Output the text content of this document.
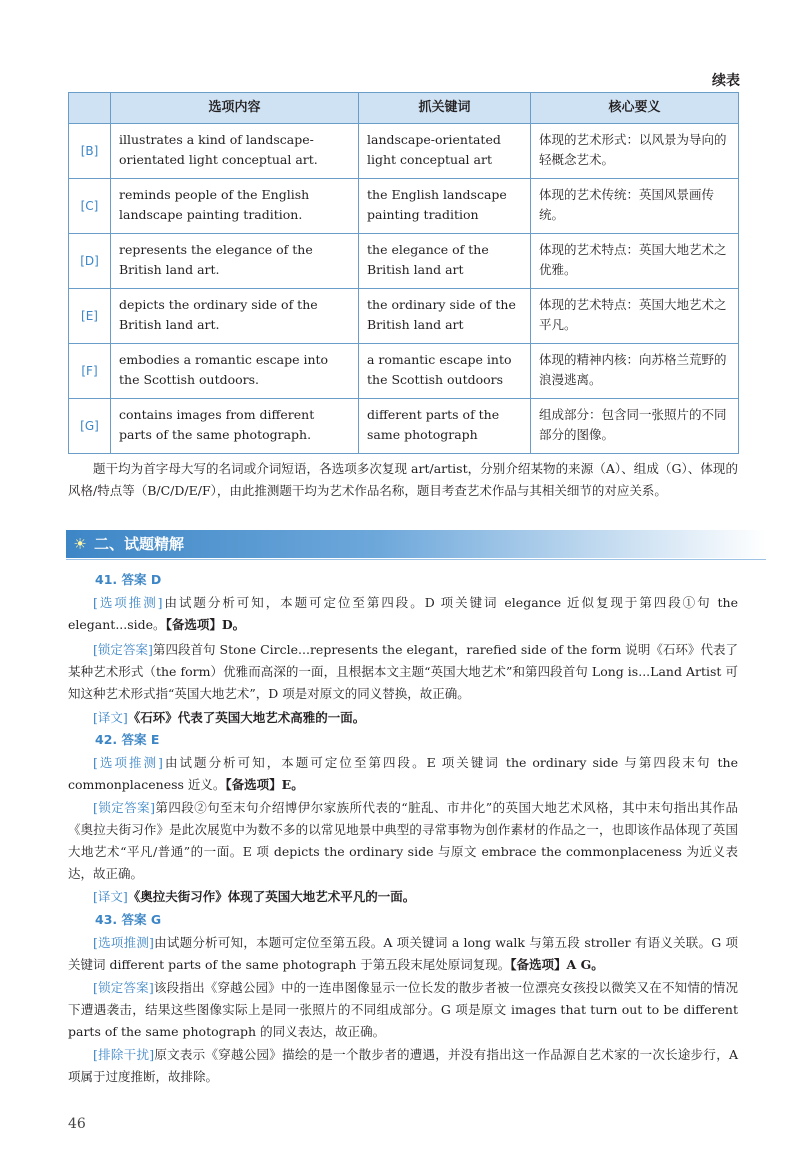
续表
	选项内容	抓关键词	核心要义
[B]	illustrates a kind of landscape-orientated light conceptual art.	landscape-orientated light conceptual art	体现的艺术形式：以风景为导向的轻概念艺术。
[C]	reminds people of the English landscape painting tradition.	the English landscape painting tradition	体现的艺术传统：英国风景画传统。
[D]	represents the elegance of the British land art.	the elegance of the British land art	体现的艺术特点：英国大地艺术之优雅。
[E]	depicts the ordinary side of the British land art.	the ordinary side of the British land art	体现的艺术特点：英国大地艺术之平凡。
[F]	embodies a romantic escape into the Scottish outdoors.	a romantic escape into the Scottish outdoors	体现的精神内核：向苏格兰荒野的浪漫逃离。
[G]	contains images from different parts of the same photograph.	different parts of the same photograph	组成部分：包含同一张照片的不同部分的图像。

题干均为首字母大写的名词或介词短语，各选项多次复现 art/artist，分别介绍某物的来源（A）、组成（G）、体现的风格/特点等（B/C/D/E/F），由此推测题干均为艺术作品名称，题目考查艺术作品与其相关细节的对应关系。

☀ 二、试题精解
41. 答案 D

[选项推测]由试题分析可知，本题可定位至第四段。D 项关键词 elegance 近似复现于第四段①句 the elegant...side。【备选项】D。

[锁定答案]第四段首句 Stone Circle...represents the elegant，rarefied side of the form 说明《石环》代表了某种艺术形式（the form）优雅而高深的一面，且根据本文主题“英国大地艺术”和第四段首句 Long is...Land Artist 可知这种艺术形式指“英国大地艺术”，D 项是对原文的同义替换，故正确。

[译文]《石环》代表了英国大地艺术高雅的一面。

42. 答案 E

[选项推测]由试题分析可知，本题可定位至第四段。E 项关键词 the ordinary side 与第四段末句 the commonplaceness 近义。【备选项】E。

[锁定答案]第四段②句至末句介绍博伊尔家族所代表的“脏乱、市井化”的英国大地艺术风格，其中末句指出其作品《奥拉夫街习作》是此次展览中为数不多的以常见地景中典型的寻常事物为创作素材的作品之一，也即该作品体现了英国大地艺术“平凡/普通”的一面。E 项 depicts the ordinary side 与原文 embrace the commonplaceness 为近义表达，故正确。

[译文]《奥拉夫街习作》体现了英国大地艺术平凡的一面。

43. 答案 G

[选项推测]由试题分析可知，本题可定位至第五段。A 项关键词 a long walk 与第五段 stroller 有语义关联。G 项关键词 different parts of the same photograph 于第五段末尾处原词复现。【备选项】A G。

[锁定答案]该段指出《穿越公园》中的一连串图像显示一位长发的散步者被一位漂亮女孩投以微笑又在不知情的情况下遭遇袭击，结果这些图像实际上是同一张照片的不同组成部分。G 项是原文 images that turn out to be different parts of the same photograph 的同义表达，故正确。

[排除干扰]原文表示《穿越公园》描绘的是一个散步者的遭遇，并没有指出这一作品源自艺术家的一次长途步行，A 项属于过度推断，故排除。

46
